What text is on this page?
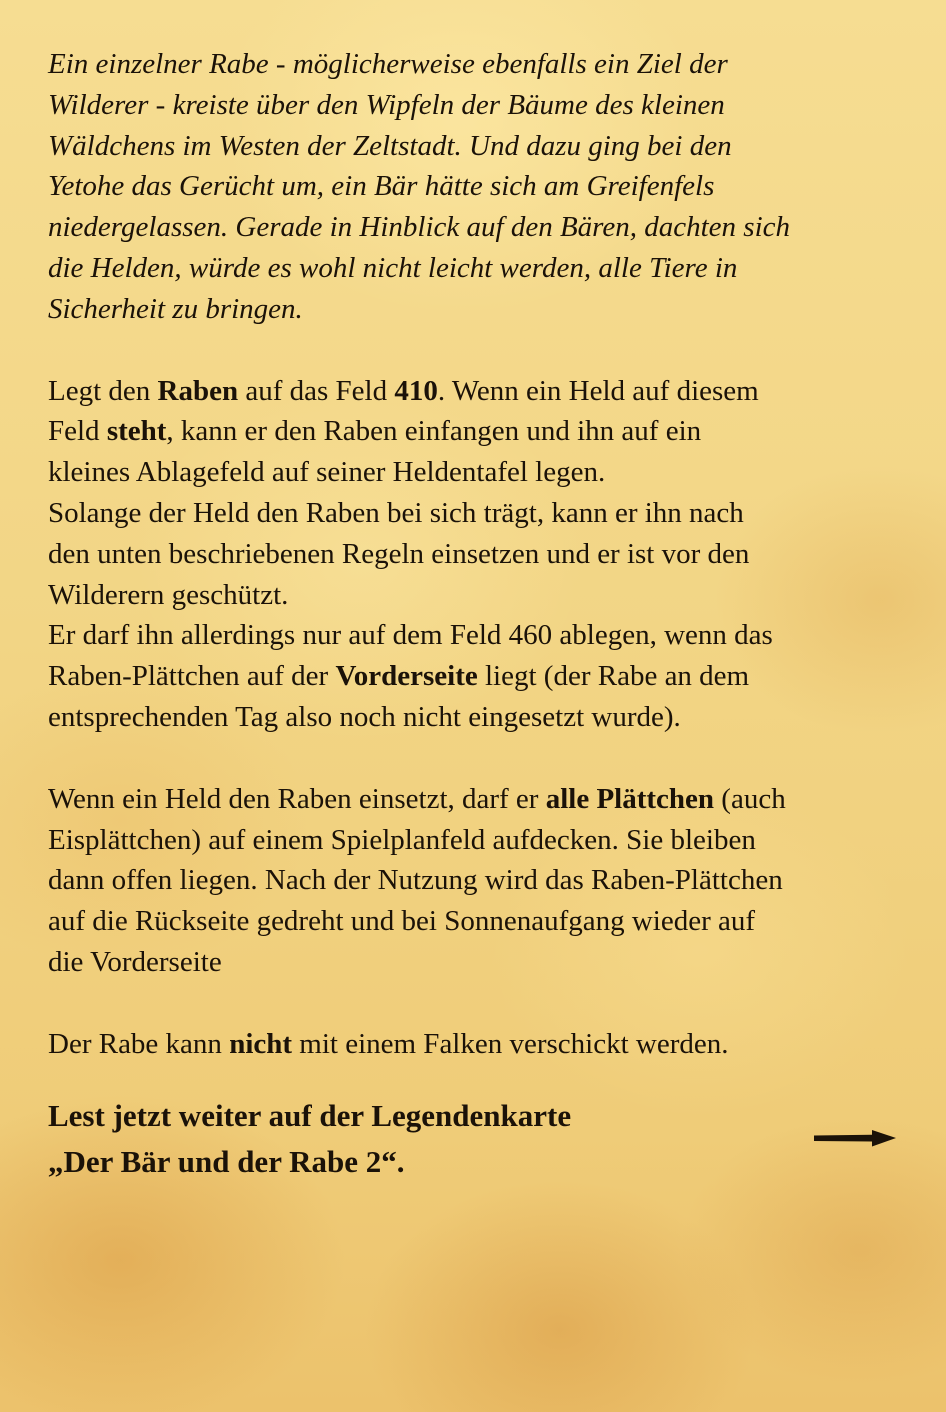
Ein einzelner Rabe - möglicherweise ebenfalls ein Ziel der
Wilderer - kreiste über den Wipfeln der Bäume des kleinen
Wäldchens im Westen der Zeltstadt. Und dazu ging bei den
Yetohe das Gerücht um, ein Bär hätte sich am Greifenfels
niedergelassen. Gerade in Hinblick auf den Bären, dachten sich
die Helden, würde es wohl nicht leicht werden, alle Tiere in
Sicherheit zu bringen.

Legt den Raben auf das Feld 410. Wenn ein Held auf diesem
Feld steht, kann er den Raben einfangen und ihn auf ein
kleines Ablagefeld auf seiner Heldentafel legen.
Solange der Held den Raben bei sich trägt, kann er ihn nach
den unten beschriebenen Regeln einsetzen und er ist vor den
Wilderern geschützt.
Er darf ihn allerdings nur auf dem Feld 460 ablegen, wenn das
Raben-Plättchen auf der Vorderseite liegt (der Rabe an dem
entsprechenden Tag also noch nicht eingesetzt wurde).

Wenn ein Held den Raben einsetzt, darf er alle Plättchen (auch
Eisplättchen) auf einem Spielplanfeld aufdecken. Sie bleiben
dann offen liegen. Nach der Nutzung wird das Raben-Plättchen
auf die Rückseite gedreht und bei Sonnenaufgang wieder auf
die Vorderseite

Der Rabe kann nicht mit einem Falken verschickt werden.

Lest jetzt weiter auf der Legendenkarte
„Der Bär und der Rabe 2“.
